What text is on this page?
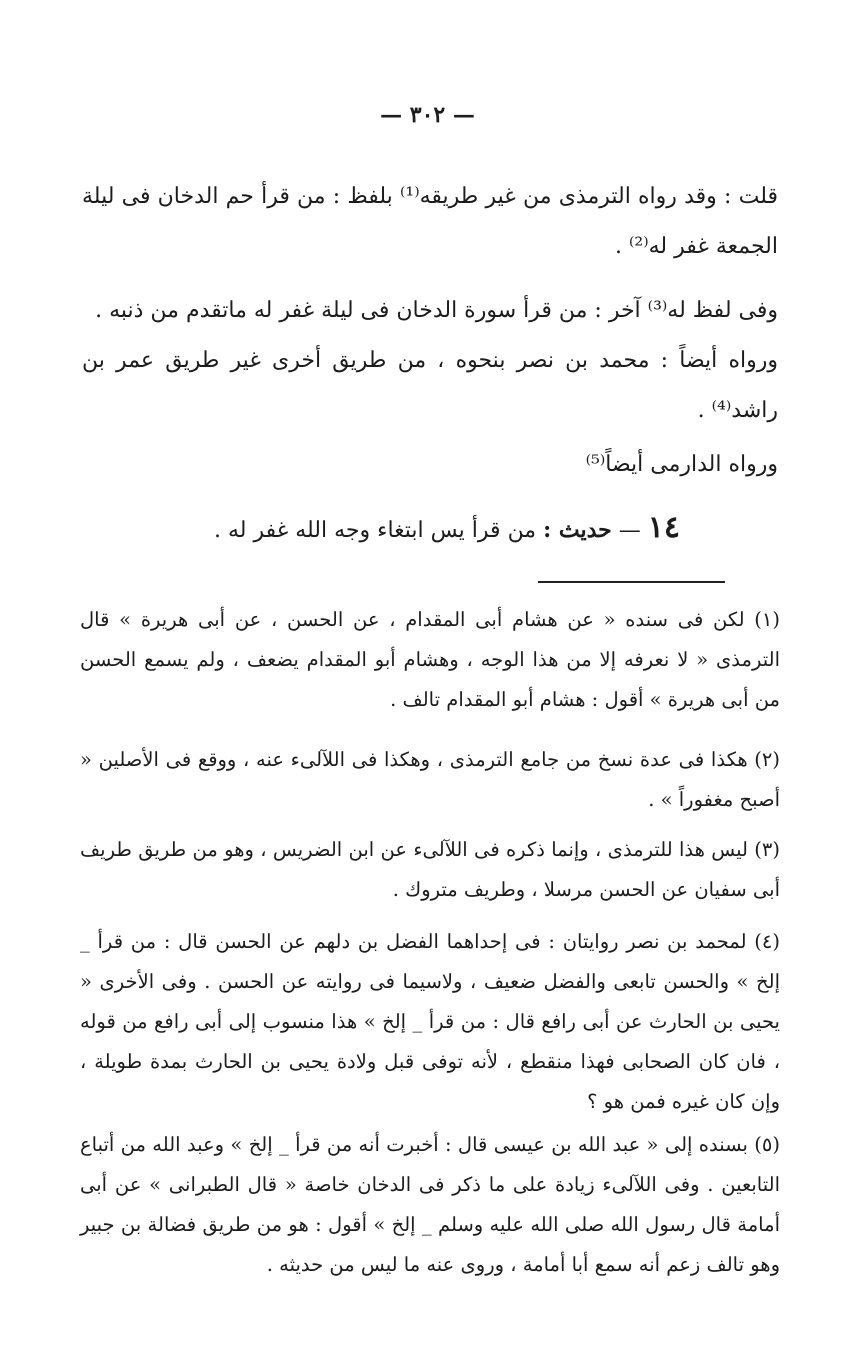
— ٣٠٢ —

قلت : وقد رواه الترمذى من غير طريقه⁽¹⁾ بلفظ : من قرأ حم الدخان فى ليلة الجمعة غفر له⁽²⁾ .

وفى لفظ له⁽³⁾ آخر : من قرأ سورة الدخان فى ليلة غفر له ماتقدم من ذنبه .

ورواه أيضاً : محمد بن نصر بنحوه ، من طريق أخرى غير طريق عمر بن راشد⁽⁴⁾ .

ورواه الدارمى أيضاً⁽⁵⁾

١٤ — حديث : من قرأ يس ابتغاء وجه الله غفر له .

(١) لكن فى سنده « عن هشام أبى المقدام ، عن الحسن ، عن أبى هريرة » قال الترمذى « لا نعرفه إلا من هذا الوجه ، وهشام أبو المقدام يضعف ، ولم يسمع الحسن من أبى هريرة » أقول : هشام أبو المقدام تالف .

(٢) هكذا فى عدة نسخ من جامع الترمذى ، وهكذا فى اللآلىء عنه ، ووقع فى الأصلين « أصبح مغفوراً » .

(٣) ليس هذا للترمذى ، وإنما ذكره فى اللآلىء عن ابن الضريس ، وهو من طريق طريف أبى سفيان عن الحسن مرسلا ، وطريف متروك .

(٤) لمحمد بن نصر روايتان : فى إحداهما الفضل بن دلهم عن الحسن قال : من قرأ _ إلخ » والحسن تابعى والفضل ضعيف ، ولاسيما فى روايته عن الحسن . وفى الأخرى « يحيى بن الحارث عن أبى رافع قال : من قرأ _ إلخ » هذا منسوب إلى أبى رافع من قوله ، فان كان الصحابى فهذا منقطع ، لأنه توفى قبل ولادة يحيى بن الحارث بمدة طويلة ، وإن كان غيره فمن هو ؟

(٥) بسنده إلى « عبد الله بن عيسى قال : أخبرت أنه من قرأ _ إلخ » وعبد الله من أتباع التابعين . وفى اللآلىء زيادة على ما ذكر فى الدخان خاصة « قال الطبرانى » عن أبى أمامة قال رسول الله صلى الله عليه وسلم _ إلخ » أقول : هو من طريق فضالة بن جبير وهو تالف زعم أنه سمع أبا أمامة ، وروى عنه ما ليس من حديثه .
